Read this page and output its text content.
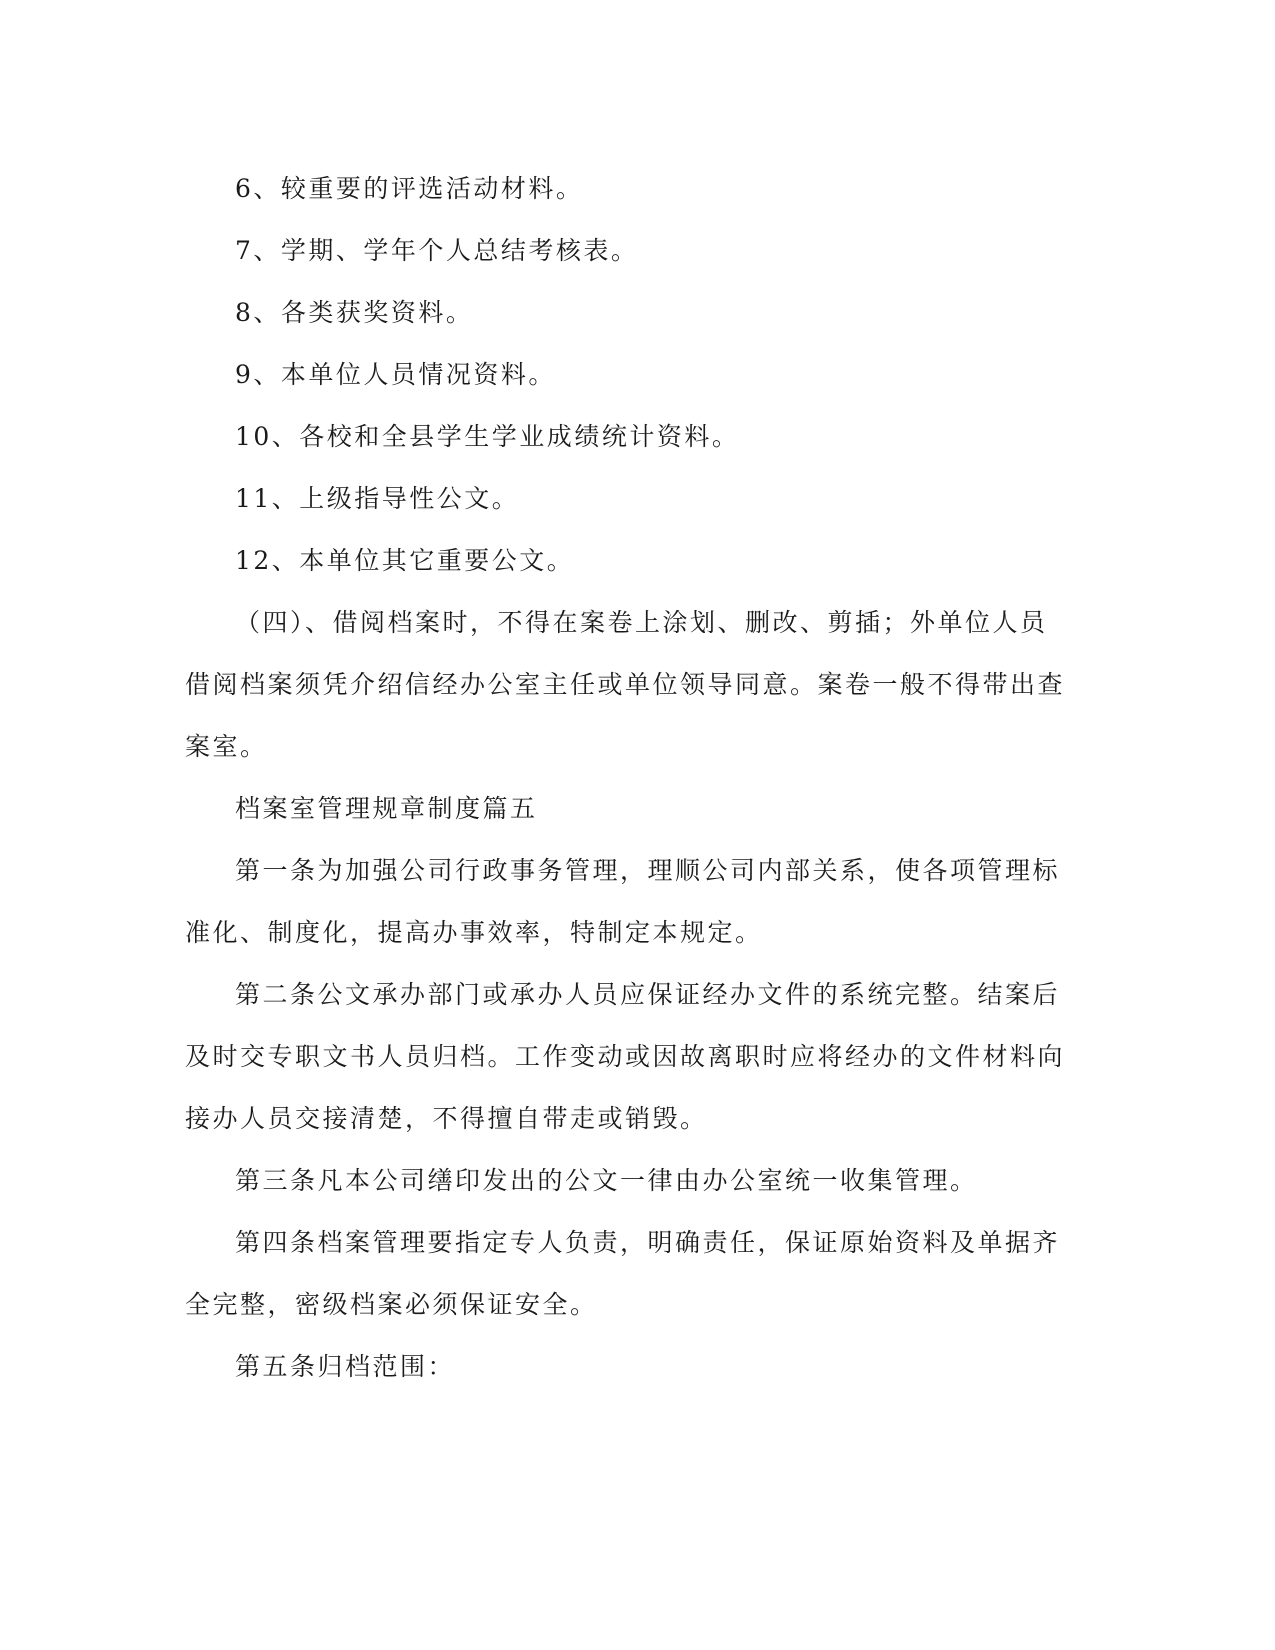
6、较重要的评选活动材料。

7、学期、学年个人总结考核表。

8、各类获奖资料。

9、本单位人员情况资料。

10、各校和全县学生学业成绩统计资料。

11、上级指导性公文。

12、本单位其它重要公文。

（四）、借阅档案时，不得在案卷上涂划、删改、剪插；外单位人员借阅档案须凭介绍信经办公室主任或单位领导同意。案卷一般不得带出查案室。

档案室管理规章制度篇五

第一条为加强公司行政事务管理，理顺公司内部关系，使各项管理标准化、制度化，提高办事效率，特制定本规定。

第二条公文承办部门或承办人员应保证经办文件的系统完整。结案后及时交专职文书人员归档。工作变动或因故离职时应将经办的文件材料向接办人员交接清楚，不得擅自带走或销毁。

第三条凡本公司缮印发出的公文一律由办公室统一收集管理。

第四条档案管理要指定专人负责，明确责任，保证原始资料及单据齐全完整，密级档案必须保证安全。

第五条归档范围：
